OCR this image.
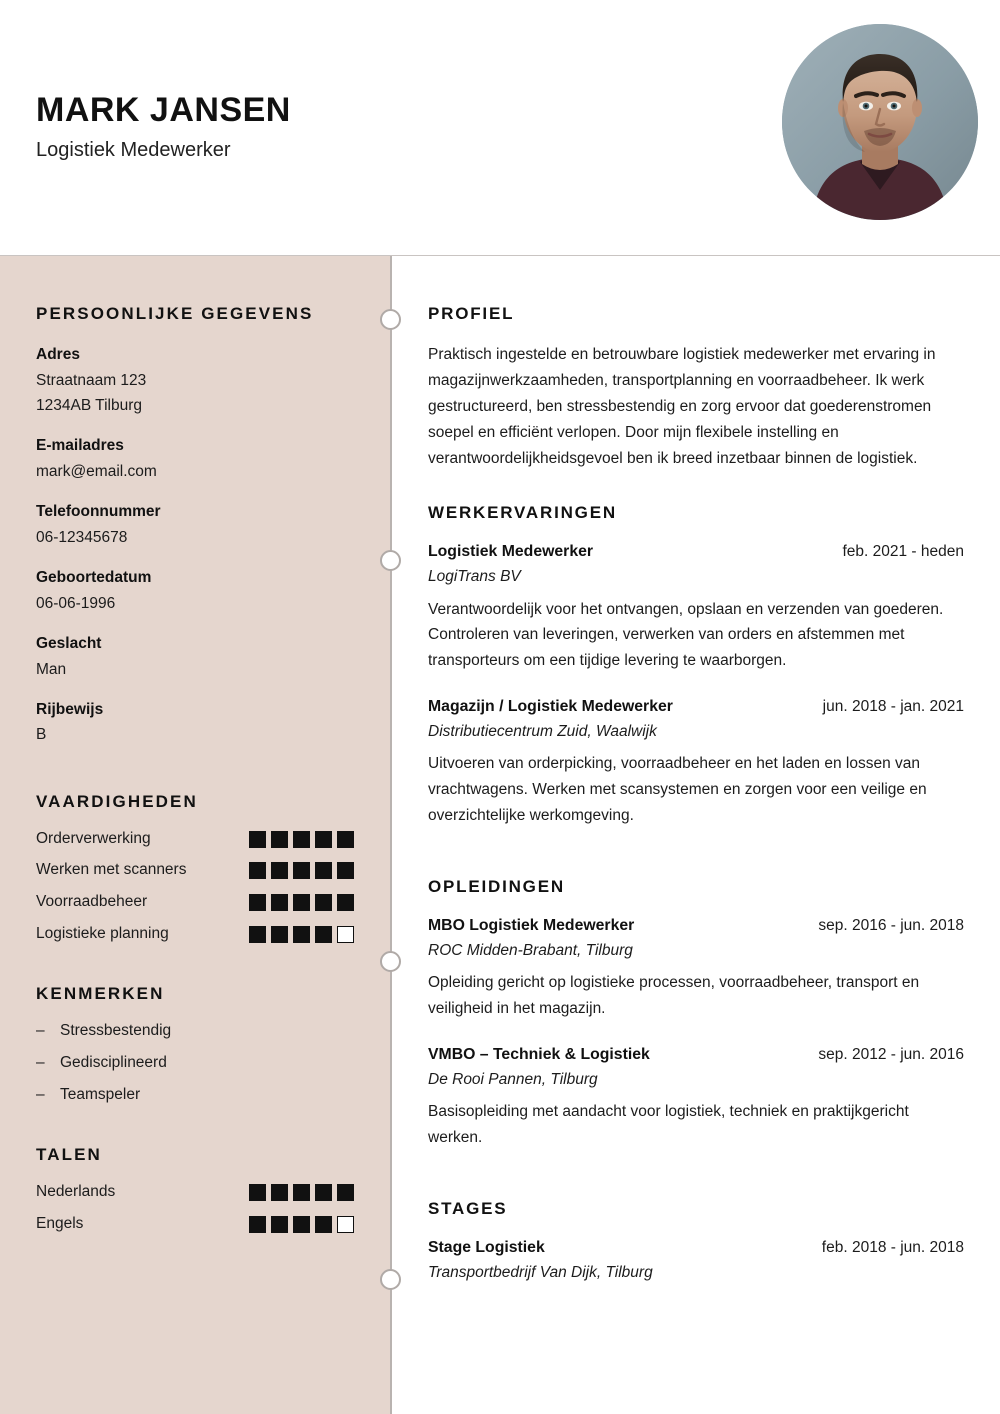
MARK JANSEN
Logistiek Medewerker
PERSOONLIJKE GEGEVENS
Adres
Straatnaam 123
1234AB Tilburg
E-mailadres
mark@email.com
Telefoonnummer
06-12345678
Geboortedatum
06-06-1996
Geslacht
Man
Rijbewijs
B
VAARDIGHEDEN
Orderverwerking
Werken met scanners
Voorraadbeheer
Logistieke planning
KENMERKEN
– Stressbestendig
– Gedisciplineerd
– Teamspeler
TALEN
Nederlands
Engels
PROFIEL
Praktisch ingestelde en betrouwbare logistiek medewerker met ervaring in magazijnwerkzaamheden, transportplanning en voorraadbeheer. Ik werk gestructureerd, ben stressbestendig en zorg ervoor dat goederenstromen soepel en efficiënt verlopen. Door mijn flexibele instelling en verantwoordelijkheidsgevoel ben ik breed inzetbaar binnen de logistiek.
WERKERVARINGEN
Logistiek Medewerker	feb. 2021 - heden
LogiTrans BV
Verantwoordelijk voor het ontvangen, opslaan en verzenden van goederen. Controleren van leveringen, verwerken van orders en afstemmen met transporteurs om een tijdige levering te waarborgen.
Magazijn / Logistiek Medewerker	jun. 2018 - jan. 2021
Distributiecentrum Zuid, Waalwijk
Uitvoeren van orderpicking, voorraadbeheer en het laden en lossen van vrachtwagens. Werken met scansystemen en zorgen voor een veilige en overzichtelijke werkomgeving.
OPLEIDINGEN
MBO Logistiek Medewerker	sep. 2016 - jun. 2018
ROC Midden-Brabant, Tilburg
Opleiding gericht op logistieke processen, voorraadbeheer, transport en veiligheid in het magazijn.
VMBO – Techniek & Logistiek	sep. 2012 - jun. 2016
De Rooi Pannen, Tilburg
Basisopleiding met aandacht voor logistiek, techniek en praktijkgericht werken.
STAGES
Stage Logistiek	feb. 2018 - jun. 2018
Transportbedrijf Van Dijk, Tilburg
